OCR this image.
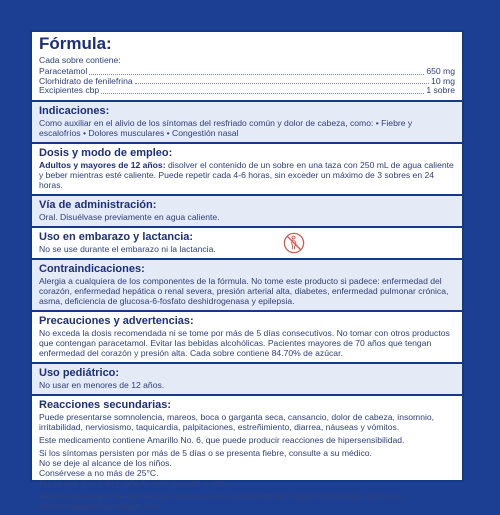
Fórmula:
Cada sobre contiene:
Paracetamol	650 mg
Clorhidrato de fenilefrina	10 mg
Excipientes cbp	1 sobre
Indicaciones:
Como auxiliar en el alivio de los síntomas del resfriado común y dolor de cabeza, como: • Fiebre y escalofríos • Dolores musculares • Congestión nasal
Dosis y modo de empleo:
Adultos y mayores de 12 años: disolver el contenido de un sobre en una taza con 250 mL de agua caliente y beber mientras esté caliente. Puede repetir cada 4-6 horas, sin exceder un máximo de 3 sobres en 24 horas.
Vía de administración:
Oral. Disuélvase previamente en agua caliente.
Uso en embarazo y lactancia:
No se use durante el embarazo ni la lactancia.
Contraindicaciones:
Alergia a cualquiera de los componentes de la fórmula. No tome este producto si padece: enfermedad del corazón, enfermedad hepática o renal severa, presión arterial alta, diabetes, enfermedad pulmonar crónica, asma, deficiencia de glucosa-6-fosfato deshidrogenasa y epilepsia.
Precauciones y advertencias:
No exceda la dosis recomendada ni se tome por más de 5 días consecutivos. No tomar con otros productos que contengan paracetamol. Evitar las bebidas alcohólicas. Pacientes mayores de 70 años que tengan enfermedad del corazón y presión alta. Cada sobre contiene 84.70% de azúcar.
Uso pediátrico:
No usar en menores de 12 años.
Reacciones secundarias:
Puede presentarse somnolencia, mareos, boca o garganta seca, cansancio, dolor de cabeza, insomnio, irritabilidad, nerviosismo, taquicardia, palpitaciones, estreñimiento, diarrea, náuseas y vómitos.
Este medicamento contiene Amarillo No. 6, que puede producir reacciones de hipersensibilidad.
Si los síntomas persisten por más de 5 días o se presenta fiebre, consulte a su médico.
No se deje al alcance de los niños.
Consérvese a no más de 25°C.
No se use si el sobre sellado está rasgado o roto.
Reporte las sospechas de reacción adversa a los correos farmacovigilancia@cofepris.gob.mx y farmacovigilancia.mx@gsk.com
